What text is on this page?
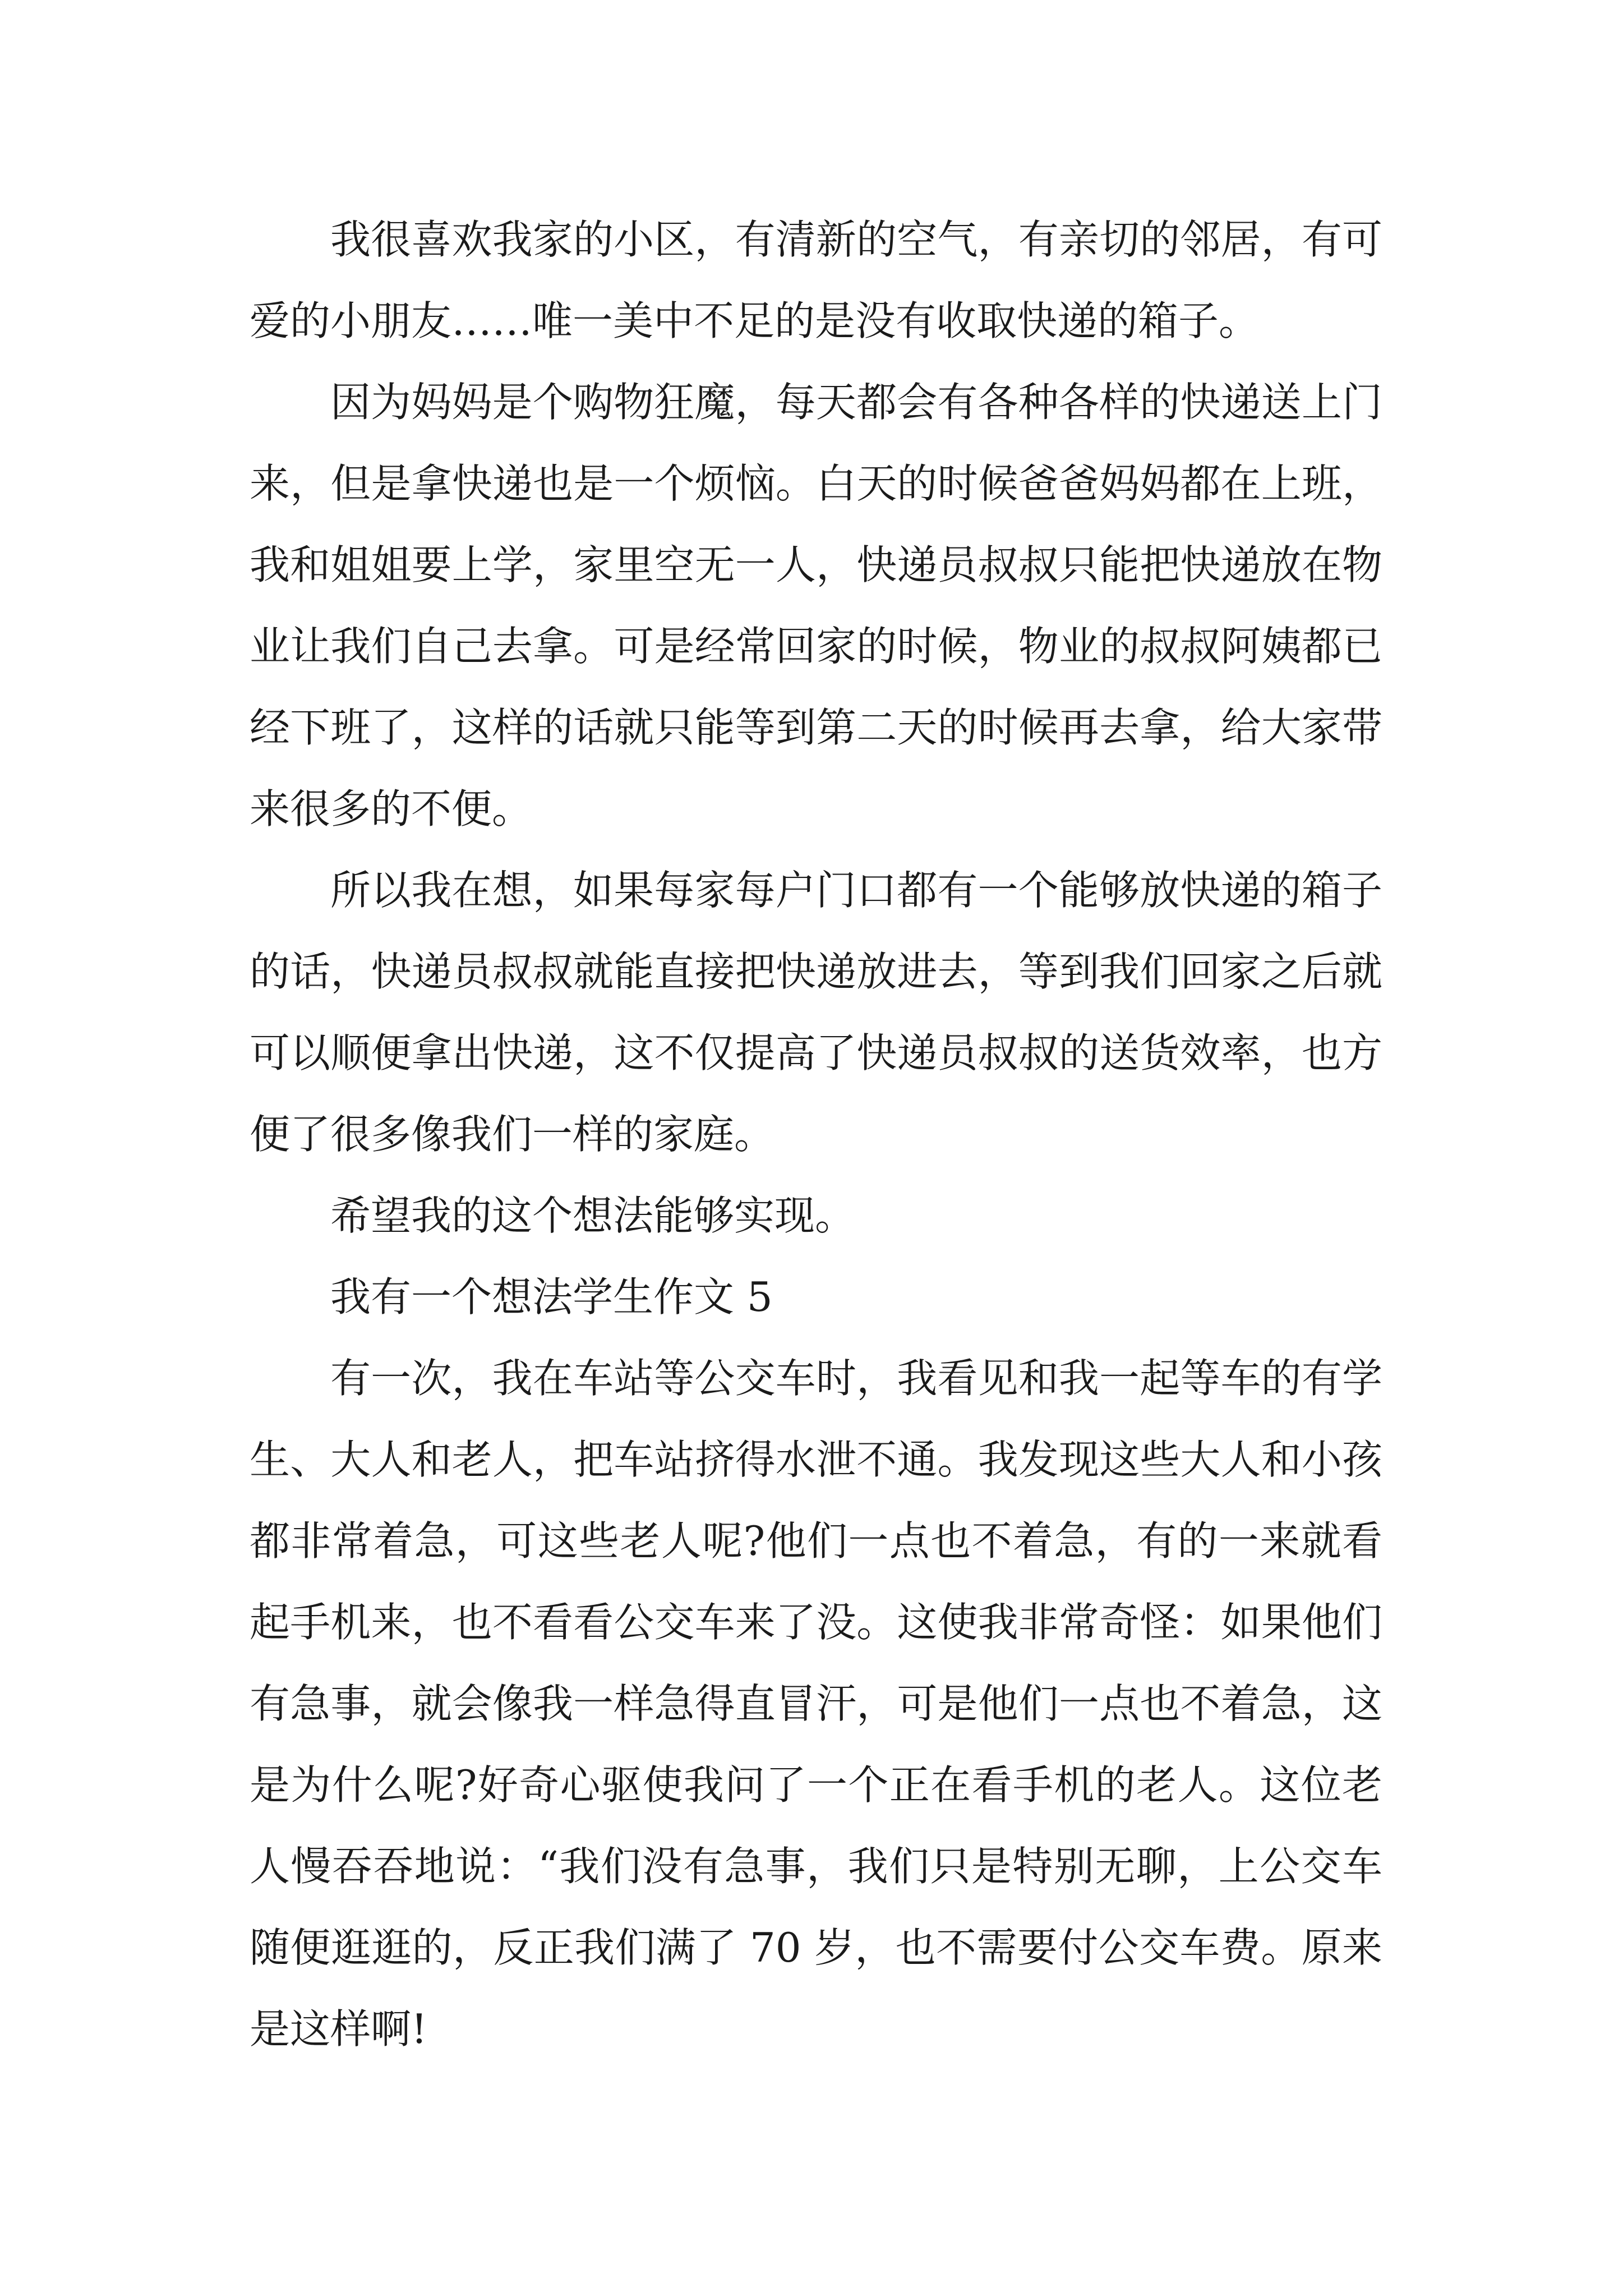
我很喜欢我家的小区，有清新的空气，有亲切的邻居，有可爱的小朋友……唯一美中不足的是没有收取快递的箱子。

因为妈妈是个购物狂魔，每天都会有各种各样的快递送上门来，但是拿快递也是一个烦恼。白天的时候爸爸妈妈都在上班，我和姐姐要上学，家里空无一人，快递员叔叔只能把快递放在物业让我们自己去拿。可是经常回家的时候，物业的叔叔阿姨都已经下班了，这样的话就只能等到第二天的时候再去拿，给大家带来很多的不便。

所以我在想，如果每家每户门口都有一个能够放快递的箱子的话，快递员叔叔就能直接把快递放进去，等到我们回家之后就可以顺便拿出快递，这不仅提高了快递员叔叔的送货效率，也方便了很多像我们一样的家庭。

希望我的这个想法能够实现。

我有一个想法学生作文 5

有一次，我在车站等公交车时，我看见和我一起等车的有学生、大人和老人，把车站挤得水泄不通。我发现这些大人和小孩都非常着急，可这些老人呢?他们一点也不着急，有的一来就看起手机来，也不看看公交车来了没。这使我非常奇怪：如果他们有急事，就会像我一样急得直冒汗，可是他们一点也不着急，这是为什么呢?好奇心驱使我问了一个正在看手机的老人。这位老人慢吞吞地说：“我们没有急事，我们只是特别无聊，上公交车随便逛逛的，反正我们满了 70 岁，也不需要付公交车费。原来是这样啊!
